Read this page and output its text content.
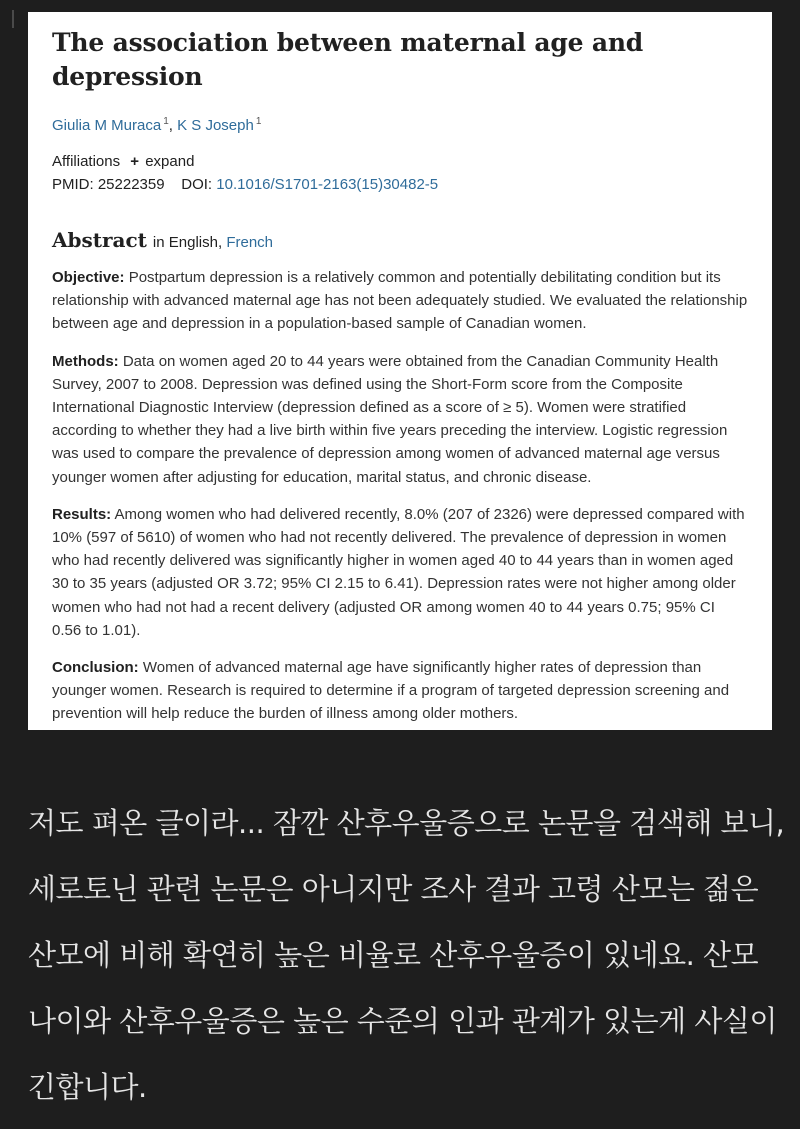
The association between maternal age and
depression
Giulia M Muraca $^1$, K S Joseph $^1$
Affiliations + expand
PMID: 25222359 DOI: 10.1016/S1701-2163(15)30482-5
Abstract in English, French

Objective: Postpartum depression is a relatively common and potentially debilitating condition but its relationship with advanced maternal age has not been adequately studied. We evaluated the relationship between age and depression in a population-based sample of Canadian women.

Methods: Data on women aged 20 to 44 years were obtained from the Canadian Community Health Survey, 2007 to 2008. Depression was defined using the Short-Form score from the Composite International Diagnostic Interview (depression defined as a score of ≥ 5). Women were stratified according to whether they had a live birth within five years preceding the interview. Logistic regression was used to compare the prevalence of depression among women of advanced maternal age versus younger women after adjusting for education, marital status, and chronic disease.

Results: Among women who had delivered recently, 8.0% (207 of 2326) were depressed compared with 10% (597 of 5610) of women who had not recently delivered. The prevalence of depression in women who had recently delivered was significantly higher in women aged 40 to 44 years than in women aged 30 to 35 years (adjusted OR 3.72; 95% CI 2.15 to 6.41). Depression rates were not higher among older women who had not had a recent delivery (adjusted OR among women 40 to 44 years 0.75; 95% CI 0.56 to 1.01).

Conclusion: Women of advanced maternal age have significantly higher rates of depression than younger women. Research is required to determine if a program of targeted depression screening and prevention will help reduce the burden of illness among older mothers.

저도 펴온 글이라... 잠깐 산후우울증으로 논문을 검색해 보니,
세로토닌 관련 논문은 아니지만 조사 결과 고령 산모는 젊은
산모에 비해 확연히 높은 비율로 산후우울증이 있네요. 산모
나이와 산후우울증은 높은 수준의 인과 관계가 있는게 사실이
긴합니다.
